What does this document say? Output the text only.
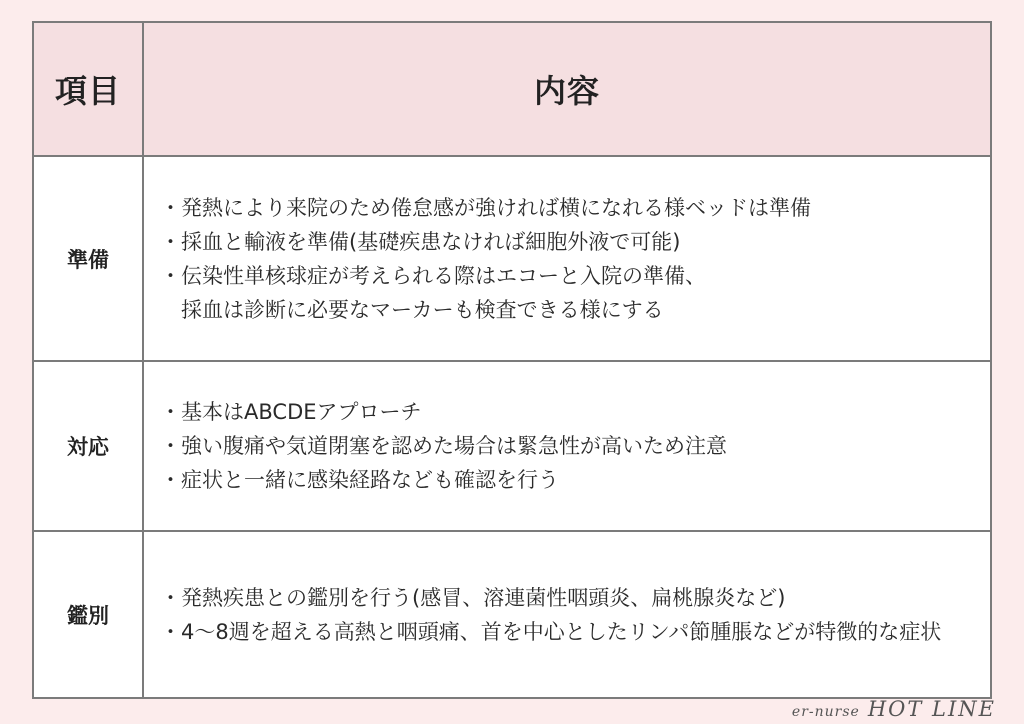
項目	内容
準備
・発熱により来院のため倦怠感が強ければ横になれる様ベッドは準備
・採血と輸液を準備(基礎疾患なければ細胞外液で可能)
・伝染性単核球症が考えられる際はエコーと入院の準備、
　採血は診断に必要なマーカーも検査できる様にする
対応
・基本はABCDEアプローチ
・強い腹痛や気道閉塞を認めた場合は緊急性が高いため注意
・症状と一緒に感染経路なども確認を行う
鑑別
・発熱疾患との鑑別を行う(感冒、溶連菌性咽頭炎、扁桃腺炎など)
・4〜8週を超える高熱と咽頭痛、首を中心としたリンパ節腫脹などが特徴的な症状
er-nurse HOT LINE
